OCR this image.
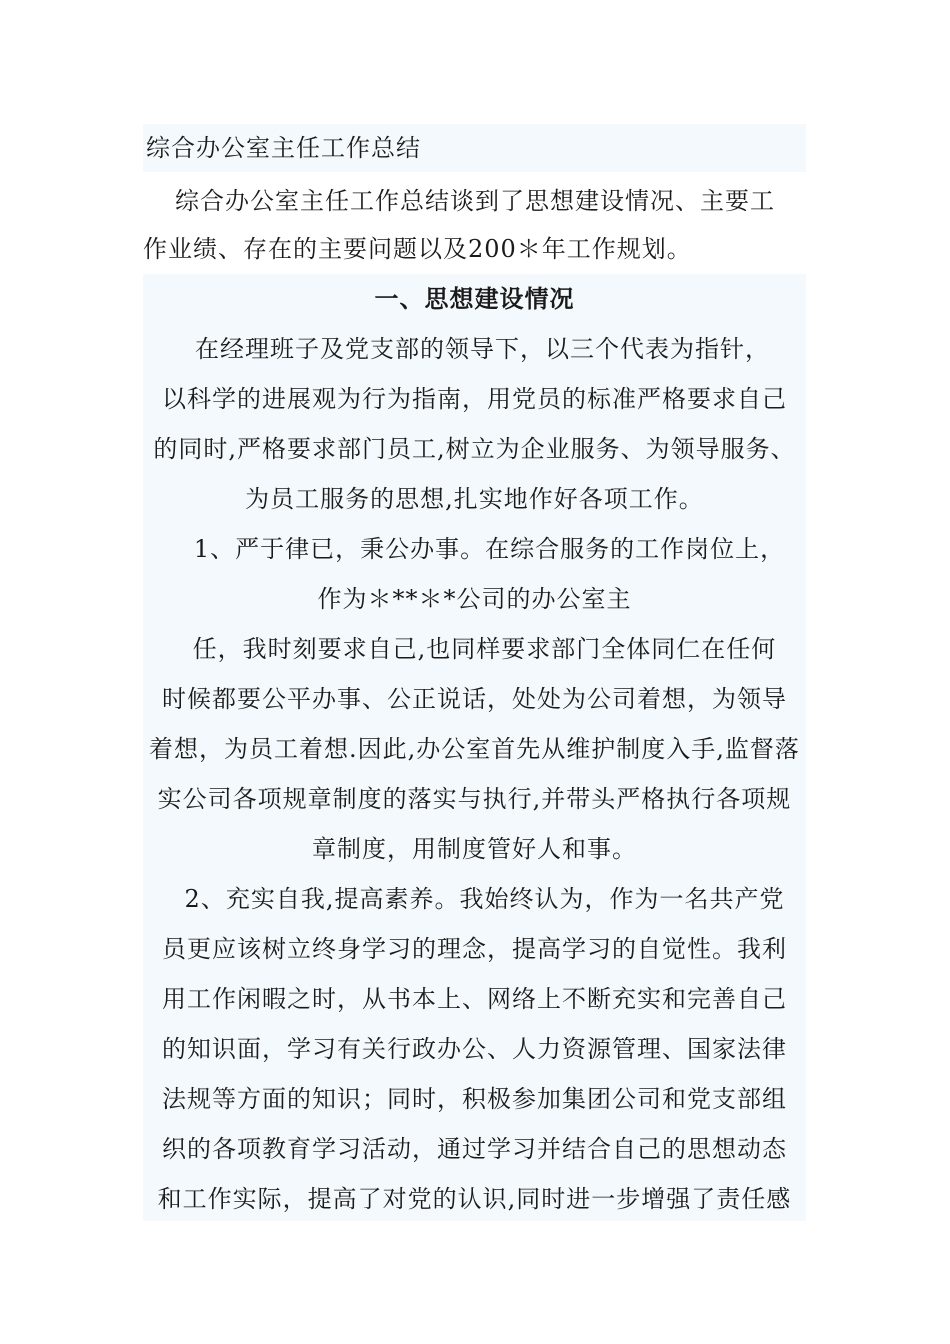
综合办公室主任工作总结

综合办公室主任工作总结谈到了思想建设情况、主要工
作业绩、存在的主要问题以及200＊年工作规划。

一、思想建设情况
在经理班子及党支部的领导下，以三个代表为指针，
以科学的进展观为行为指南，用党员的标准严格要求自己
的同时,严格要求部门员工,树立为企业服务、为领导服务、
为员工服务的思想,扎实地作好各项工作。
1、严于律已，秉公办事。在综合服务的工作岗位上，
作为＊**＊*公司的办公室主
任，我时刻要求自己,也同样要求部门全体同仁在任何
时候都要公平办事、公正说话，处处为公司着想，为领导
着想，为员工着想.因此,办公室首先从维护制度入手,监督落
实公司各项规章制度的落实与执行,并带头严格执行各项规
章制度，用制度管好人和事。
2、充实自我,提高素养。我始终认为，作为一名共产党
员更应该树立终身学习的理念，提高学习的自觉性。我利
用工作闲暇之时，从书本上、网络上不断充实和完善自己
的知识面，学习有关行政办公、人力资源管理、国家法律
法规等方面的知识；同时，积极参加集团公司和党支部组
织的各项教育学习活动，通过学习并结合自己的思想动态
和工作实际，提高了对党的认识,同时进一步增强了责任感
